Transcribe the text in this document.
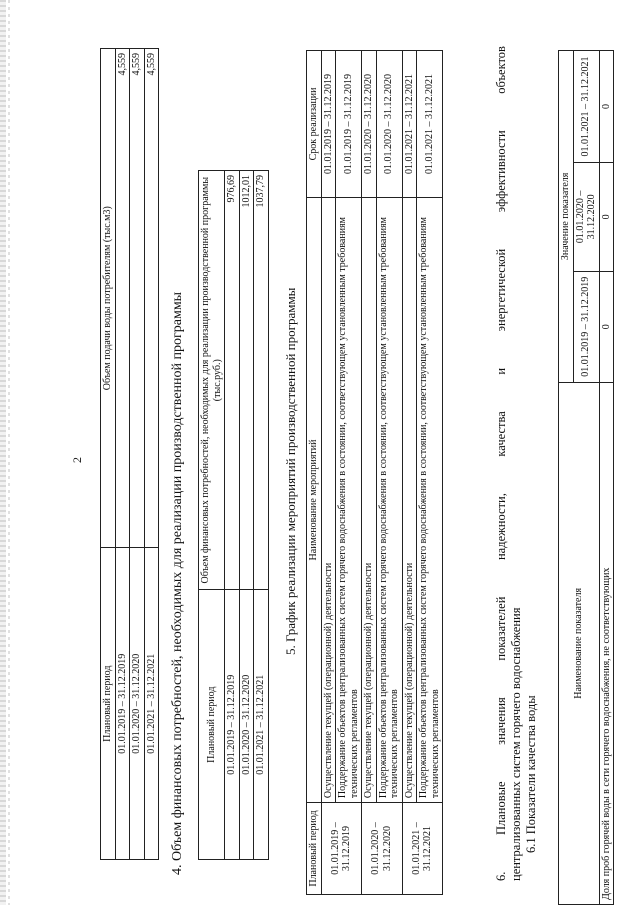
2
Плановый период	Объем подачи воды потребителям (тыс.м3)
01.01.2019 – 31.12.2019	4,559
01.01.2020 – 31.12.2020	4,559
01.01.2021 – 31.12.2021	4,559
4. Объем финансовых потребностей, необходимых для реализации производственной программы Плановый период	Объем финансовых потребностей, необходимых для реализации производственной программы (тыс.руб.)
01.01.2019 – 31.12.2019	976,69
01.01.2020 – 31.12.2020	1012,01
01.01.2021 – 31.12.2021	1037,79
5. График реализации мероприятий производственной программы
Плановый период	Наименование мероприятий	Срок реализации
01.01.2019 – 31.12.2019	Осуществление текущей (операционной) деятельности	01.01.2019 – 31.12.2019
	Поддержание объектов централизованных систем горячего водоснабжения в состоянии, соответствующем установленным требованиям технических регламентов	01.01.2019 – 31.12.2019
01.01.2020 – 31.12.2020	Осуществление текущей (операционной) деятельности	01.01.2020 – 31.12.2020
	Поддержание объектов централизованных систем горячего водоснабжения в состоянии, соответствующем установленным требованиям технических регламентов	01.01.2020 – 31.12.2020
01.01.2021 – 31.12.2021	Осуществление текущей (операционной) деятельности	01.01.2021 – 31.12.2021
	Поддержание объектов централизованных систем горячего водоснабжения в состоянии, соответствующем установленным требованиям технических регламентов	01.01.2021 – 31.12.2021
6.
Плановые
значения
показателей
надежности,
качества
и
энергетической
эффективности
объектов
централизованных систем горячего водоснабжения 6.1 Показатели качества воды
Наименование показателя	Значение показателя		
	01.01.2019 – 31.12.2019	01.01.2020 – 31.12.2020	01.01.2021 – 31.12.2021
Доля проб горячей воды в сети горячего водоснабжения, не соответствующих	0	0	0
